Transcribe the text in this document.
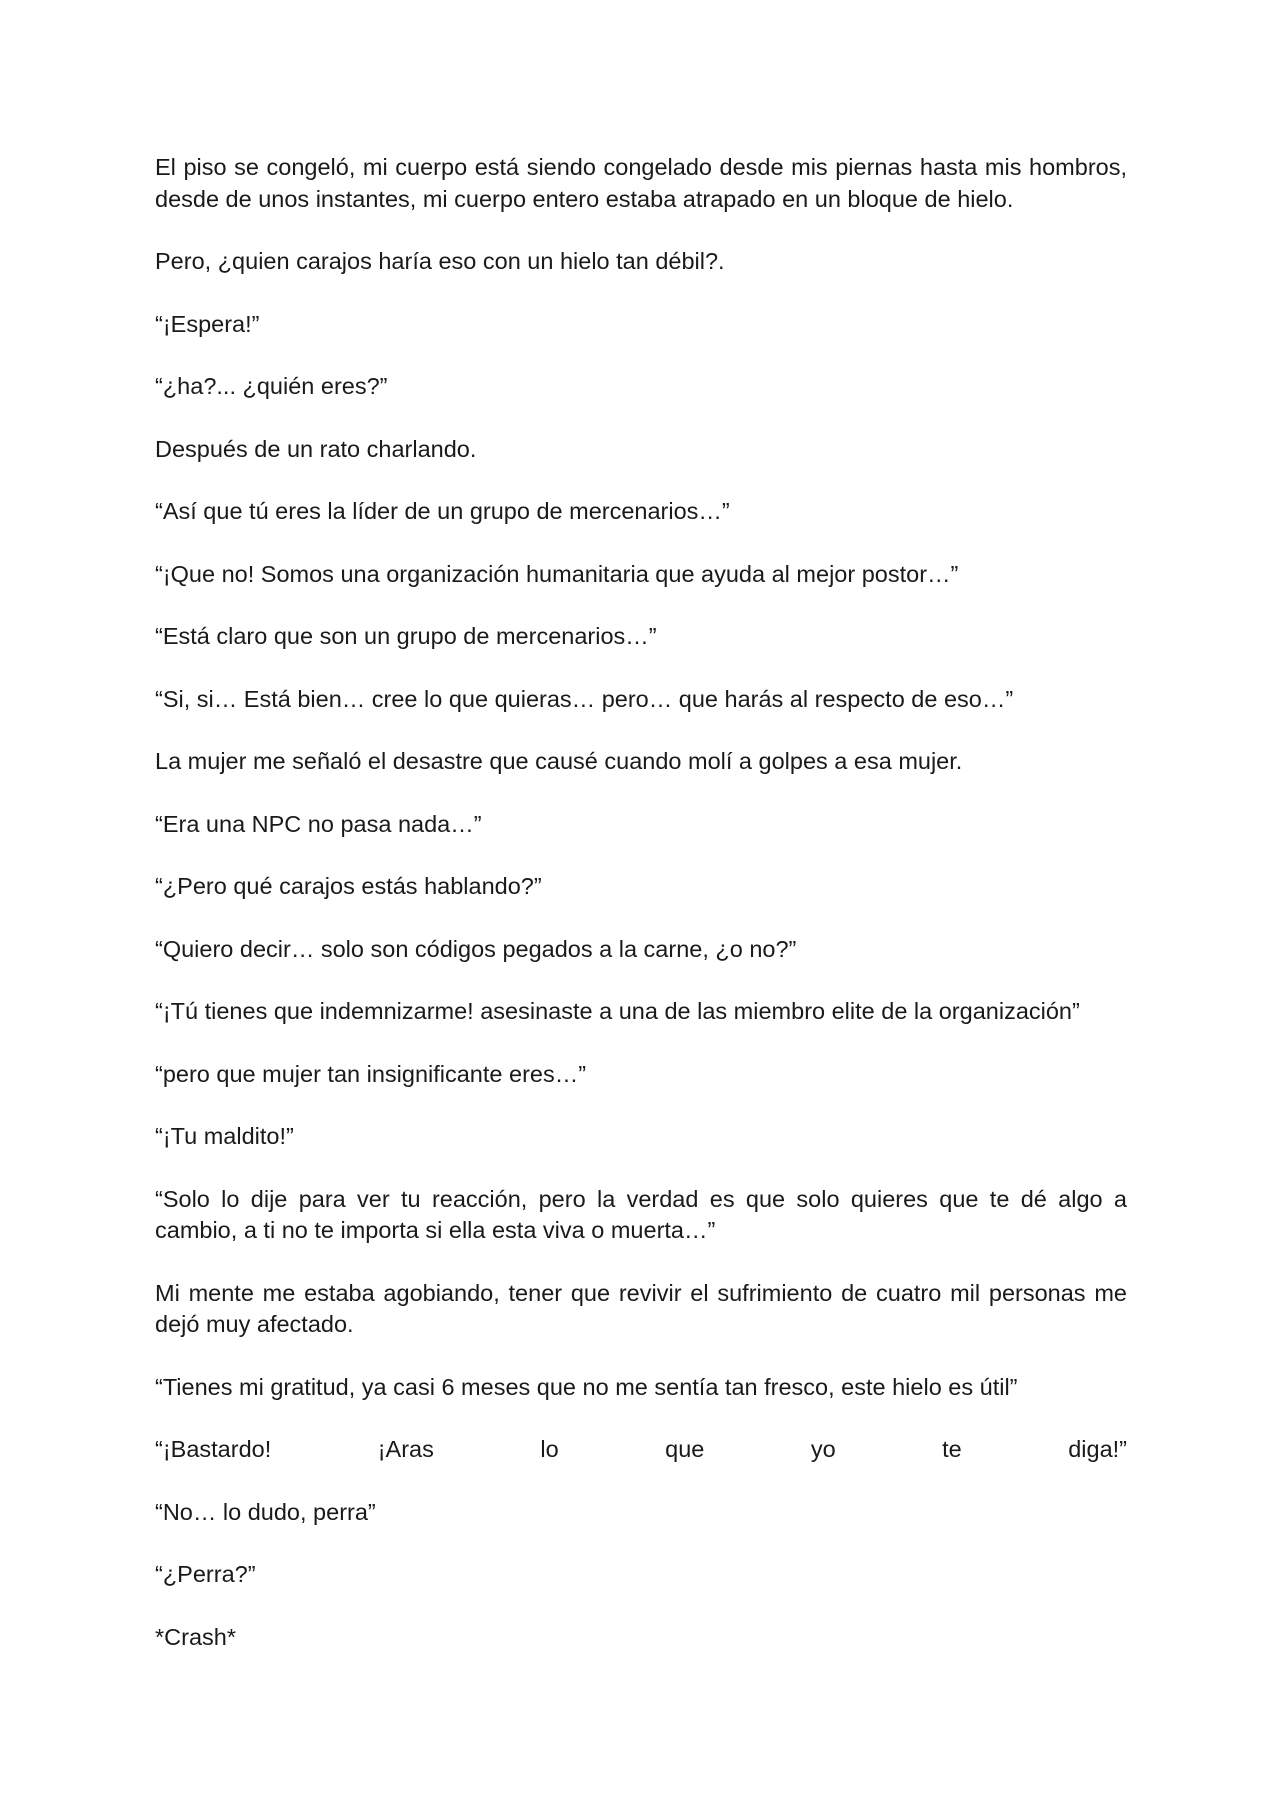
El piso se congeló, mi cuerpo está siendo congelado desde mis piernas hasta mis hombros, desde de unos instantes, mi cuerpo entero estaba atrapado en un bloque de hielo.

Pero, ¿quien carajos haría eso con un hielo tan débil?.

“¡Espera!”

“¿ha?... ¿quién eres?”

Después de un rato charlando.

“Así que tú eres la líder de un grupo de mercenarios…”

“¡Que no! Somos una organización humanitaria que ayuda al mejor postor…”

“Está claro que son un grupo de mercenarios…”

“Si, si… Está bien… cree lo que quieras… pero… que harás al respecto de eso…”

La mujer me señaló el desastre que causé cuando molí a golpes a esa mujer.

“Era una NPC no pasa nada…”

“¿Pero qué carajos estás hablando?”

“Quiero decir… solo son códigos pegados a la carne, ¿o no?”

“¡Tú tienes que indemnizarme! asesinaste a una de las miembro elite de la organización”

“pero que mujer tan insignificante eres…”

“¡Tu maldito!”

“Solo lo dije para ver tu reacción, pero la verdad es que solo quieres que te dé algo a cambio, a ti no te importa si ella esta viva o muerta…”

Mi mente me estaba agobiando, tener que revivir el sufrimiento de cuatro mil personas me dejó muy afectado.

“Tienes mi gratitud, ya casi 6 meses que no me sentía tan fresco, este hielo es útil”

“¡Bastardo! ¡Aras lo que yo te diga!”

“No… lo dudo, perra”

“¿Perra?”

*Crash*
